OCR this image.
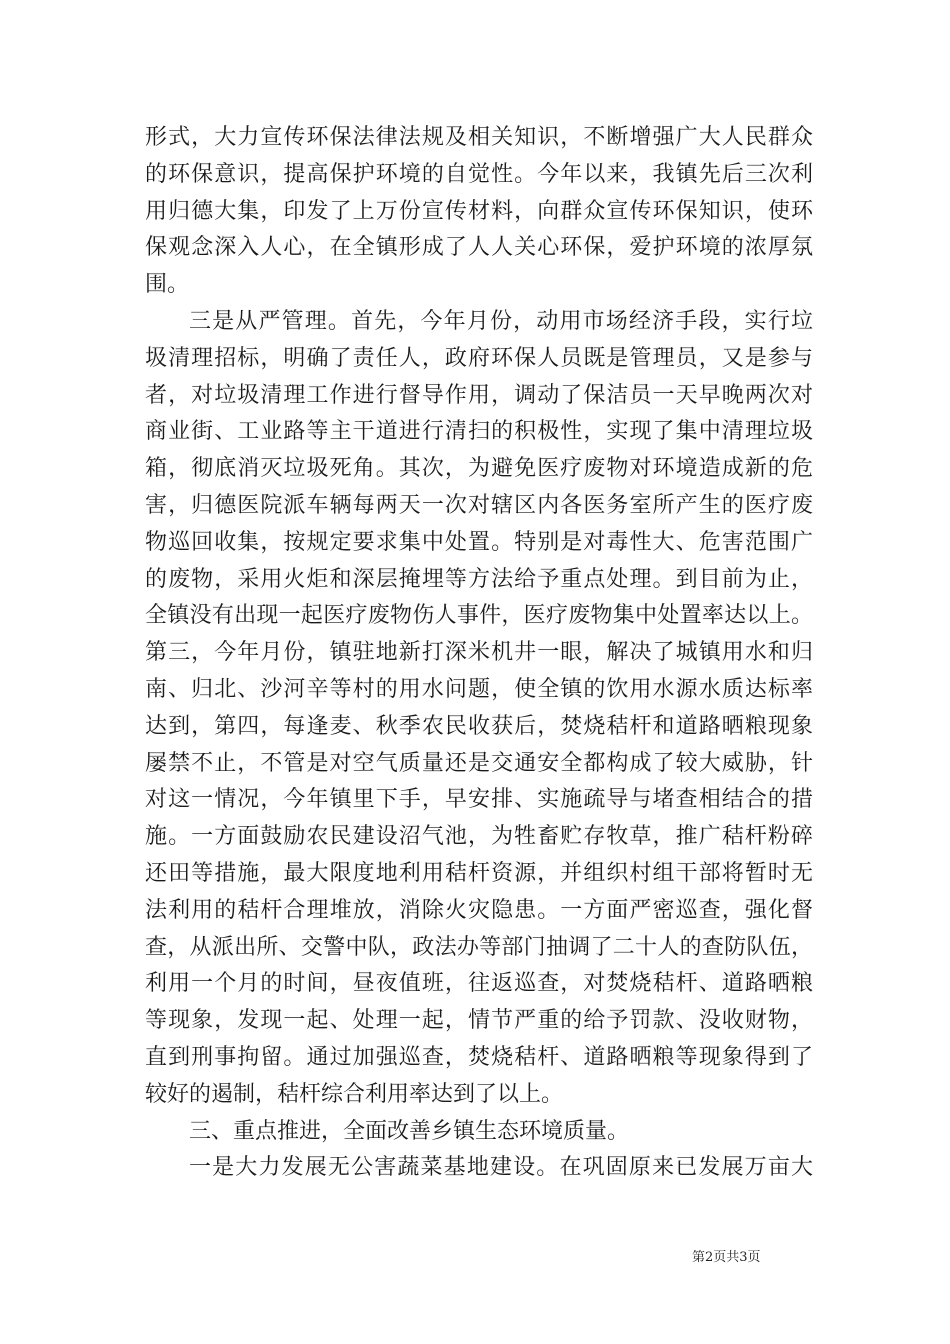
形式，大力宣传环保法律法规及相关知识，不断增强广大人民群众
的环保意识，提高保护环境的自觉性。今年以来，我镇先后三次利
用归德大集，印发了上万份宣传材料，向群众宣传环保知识，使环
保观念深入人心，在全镇形成了人人关心环保，爱护环境的浓厚氛
围。
三是从严管理。首先，今年月份，动用市场经济手段，实行垃
圾清理招标，明确了责任人，政府环保人员既是管理员，又是参与
者，对垃圾清理工作进行督导作用，调动了保洁员一天早晚两次对
商业街、工业路等主干道进行清扫的积极性，实现了集中清理垃圾
箱，彻底消灭垃圾死角。其次，为避免医疗废物对环境造成新的危
害，归德医院派车辆每两天一次对辖区内各医务室所产生的医疗废
物巡回收集，按规定要求集中处置。特别是对毒性大、危害范围广
的废物，采用火炬和深层掩埋等方法给予重点处理。到目前为止，
全镇没有出现一起医疗废物伤人事件，医疗废物集中处置率达以上。
第三，今年月份，镇驻地新打深米机井一眼，解决了城镇用水和归
南、归北、沙河辛等村的用水问题，使全镇的饮用水源水质达标率
达到，第四，每逢麦、秋季农民收获后，焚烧秸杆和道路晒粮现象
屡禁不止，不管是对空气质量还是交通安全都构成了较大威胁，针
对这一情况，今年镇里下手，早安排、实施疏导与堵查相结合的措
施。一方面鼓励农民建设沼气池，为牲畜贮存牧草，推广秸杆粉碎
还田等措施，最大限度地利用秸杆资源，并组织村组干部将暂时无
法利用的秸杆合理堆放，消除火灾隐患。一方面严密巡查，强化督
查，从派出所、交警中队，政法办等部门抽调了二十人的查防队伍，
利用一个月的时间，昼夜值班，往返巡查，对焚烧秸杆、道路晒粮
等现象，发现一起、处理一起，情节严重的给予罚款、没收财物，
直到刑事拘留。通过加强巡查，焚烧秸杆、道路晒粮等现象得到了
较好的遏制，秸杆综合利用率达到了以上。
三、重点推进，全面改善乡镇生态环境质量。
一是大力发展无公害蔬菜基地建设。在巩固原来已发展万亩大
第2页共3页
